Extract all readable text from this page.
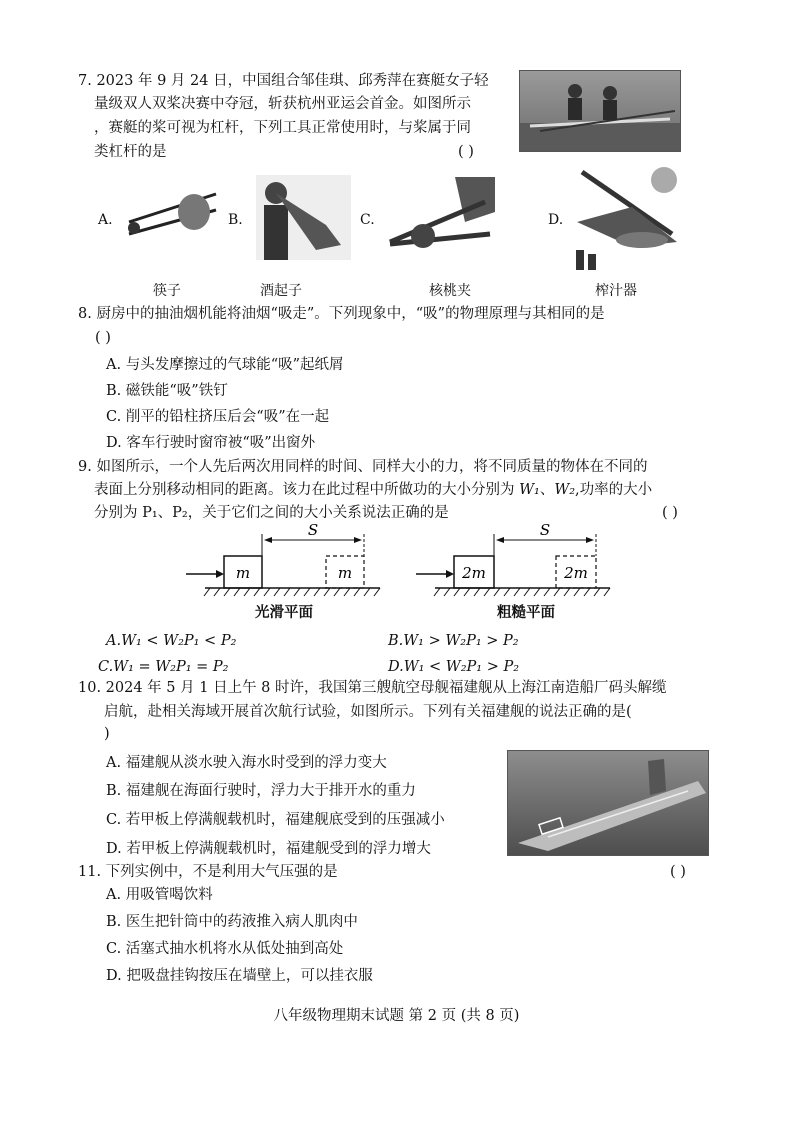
7. 2023 年 9 月 24 日，中国组合邹佳琪、邱秀萍在赛艇女子轻
量级双人双桨决赛中夺冠，斩获杭州亚运会首金。如图所示
，赛艇的桨可视为杠杆，下列工具正常使用时，与桨属于同
类杠杆的是	( )
A.	B.	C.	D.
筷子	酒起子	核桃夹	榨汁器
8. 厨房中的抽油烟机能将油烟“吸走”。下列现象中，“吸”的物理原理与其相同的是
( )
A. 与头发摩擦过的气球能“吸”起纸屑
B. 磁铁能“吸”铁钉
C. 削平的铅柱挤压后会“吸”在一起
D. 客车行驶时窗帘被“吸”出窗外
9. 如图所示，一个人先后两次用同样的时间、同样大小的力，将不同质量的物体在不同的
表面上分别移动相同的距离。该力在此过程中所做功的大小分别为 W₁、W₂,功率的大小
分别为 P₁、P₂，关于它们之间的大小关系说法正确的是	( )
m	m
S
2m	2m
S
光滑平面	粗糙平面
A.W₁ < W₂P₁ < P₂	B.W₁ > W₂P₁ > P₂
C.W₁ = W₂P₁ = P₂	D.W₁ < W₂P₁ > P₂
10. 2024 年 5 月 1 日上午 8 时许，我国第三艘航空母舰福建舰从上海江南造船厂码头解缆
启航，赴相关海域开展首次航行试验，如图所示。下列有关福建舰的说法正确的是(
)
A. 福建舰从淡水驶入海水时受到的浮力变大
B. 福建舰在海面行驶时，浮力大于排开水的重力
C. 若甲板上停满舰载机时，福建舰底受到的压强减小
D. 若甲板上停满舰载机时，福建舰受到的浮力增大
11. 下列实例中，不是利用大气压强的是	( )
A. 用吸管喝饮料
B. 医生把针筒中的药液推入病人肌肉中
C. 活塞式抽水机将水从低处抽到高处
D. 把吸盘挂钩按压在墙壁上，可以挂衣服
八年级物理期末试题 第 2 页 (共 8 页)
